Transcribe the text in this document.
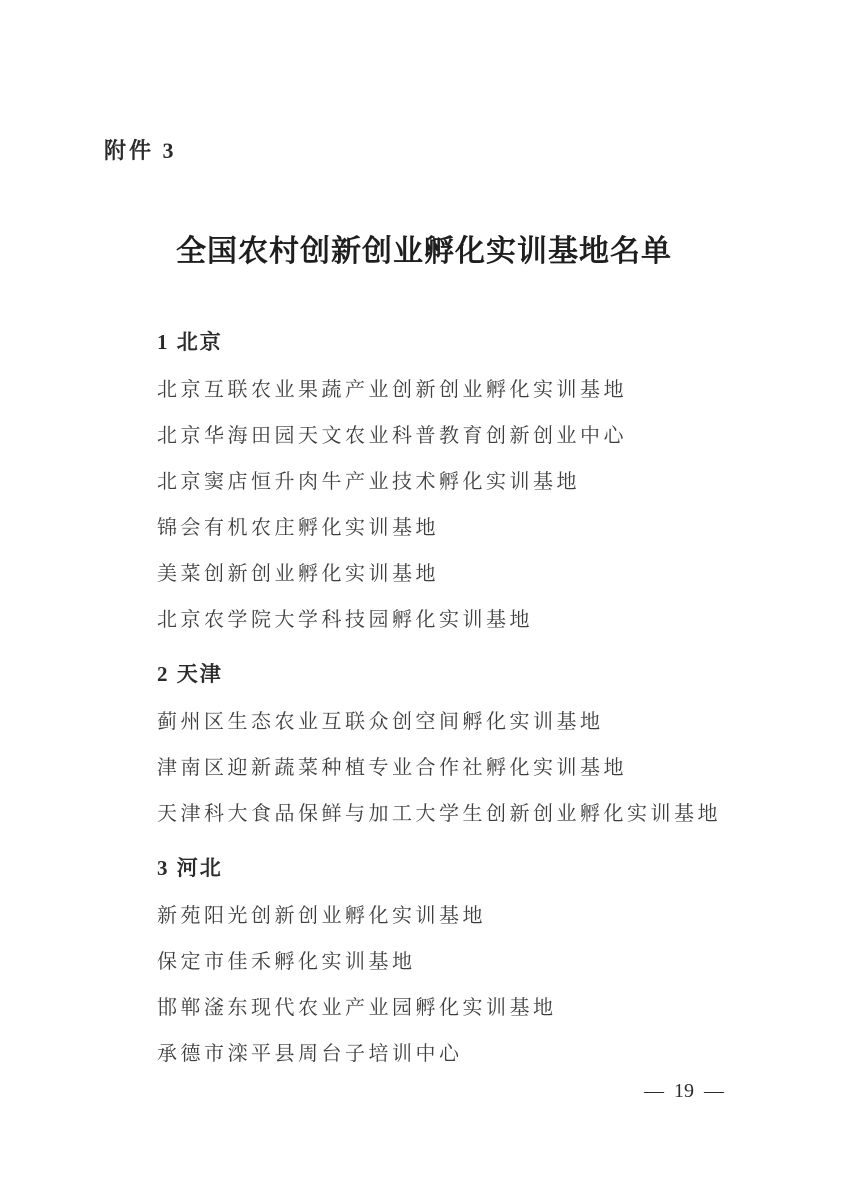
附件 3
全国农村创新创业孵化实训基地名单
1 北京
北京互联农业果蔬产业创新创业孵化实训基地
北京华海田园天文农业科普教育创新创业中心
北京窦店恒升肉牛产业技术孵化实训基地
锦会有机农庄孵化实训基地
美菜创新创业孵化实训基地
北京农学院大学科技园孵化实训基地
2 天津
蓟州区生态农业互联众创空间孵化实训基地
津南区迎新蔬菜种植专业合作社孵化实训基地
天津科大食品保鲜与加工大学生创新创业孵化实训基地
3 河北
新苑阳光创新创业孵化实训基地
保定市佳禾孵化实训基地
邯郸滏东现代农业产业园孵化实训基地
承德市滦平县周台子培训中心
— 19 —
